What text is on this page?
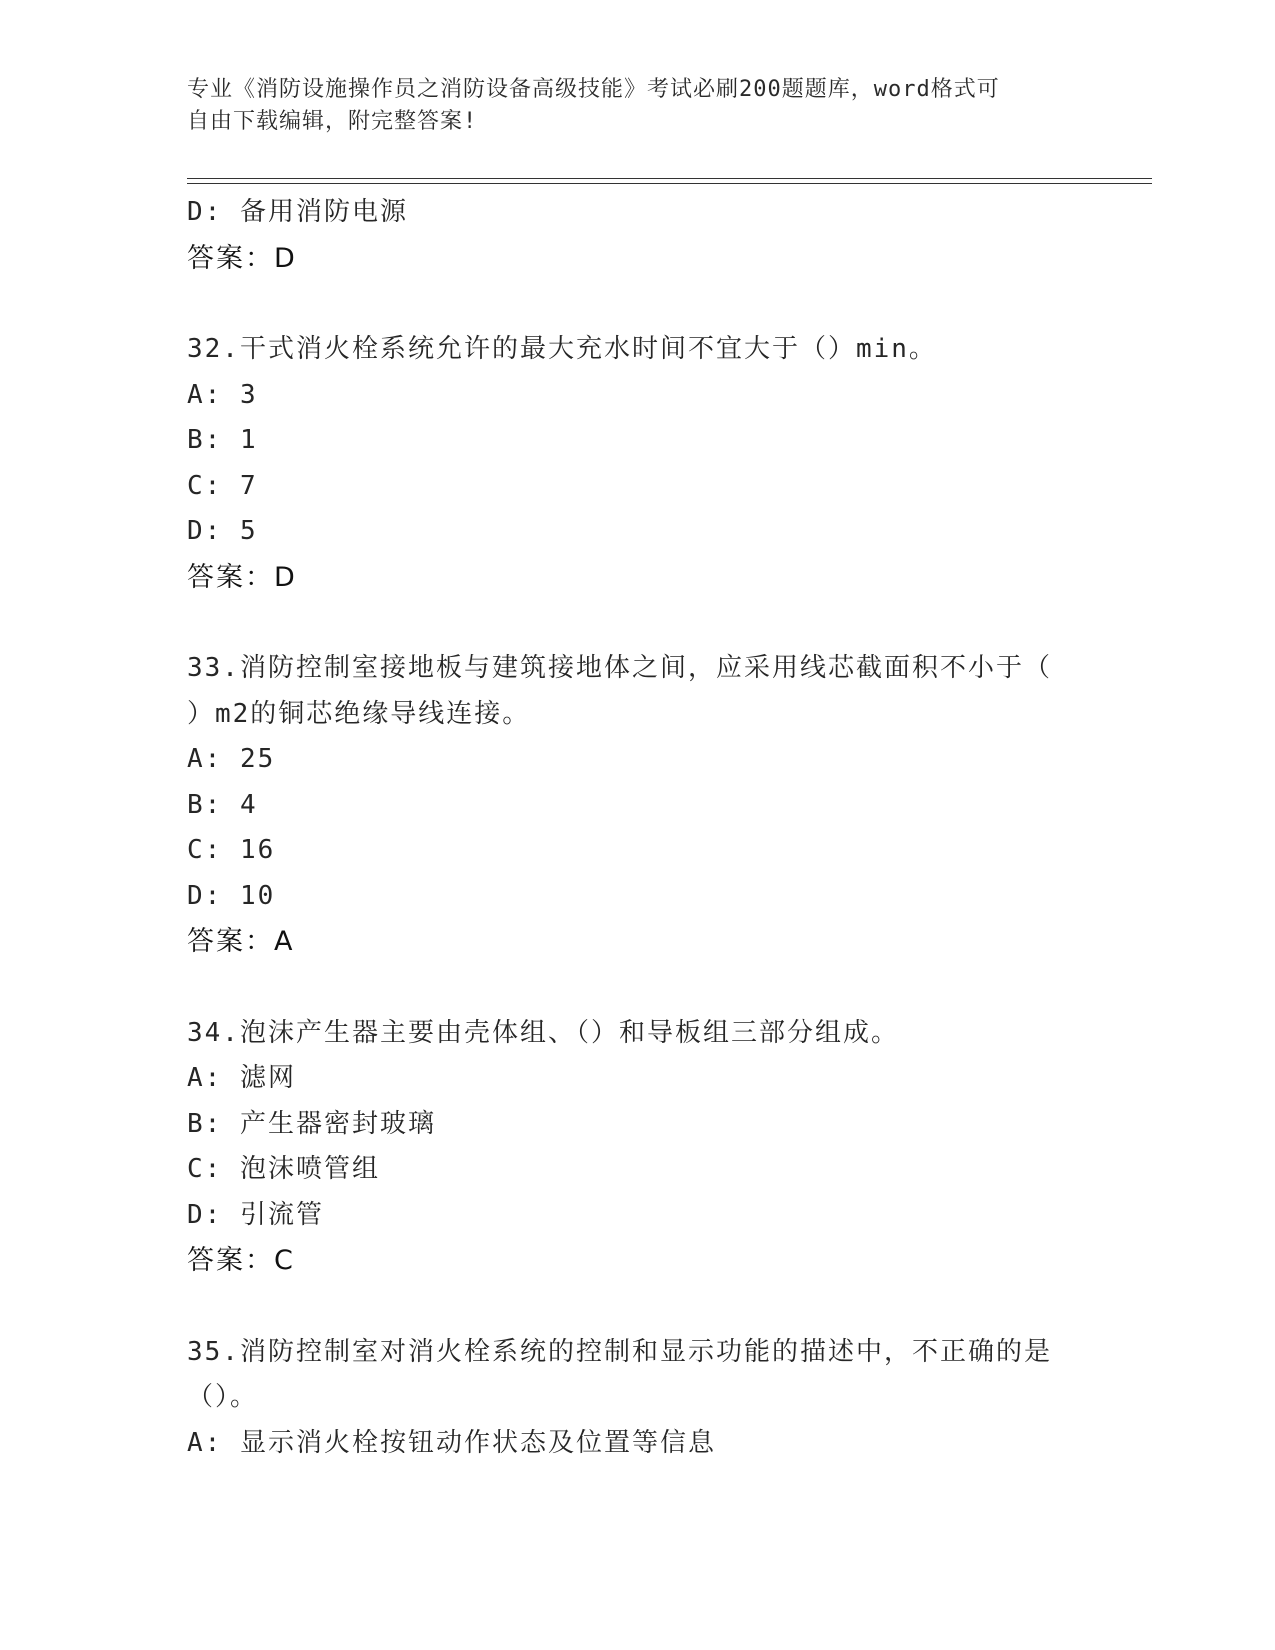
专业《消防设施操作员之消防设备高级技能》考试必刷200题题库，word格式可
自由下载编辑，附完整答案!
D: 备用消防电源
答案：D
32.干式消火栓系统允许的最大充水时间不宜大于（）min。
A: 3
B: 1
C: 7
D: 5
答案：D
33.消防控制室接地板与建筑接地体之间，应采用线芯截面积不小于（
）m2的铜芯绝缘导线连接。
A: 25
B: 4
C: 16
D: 10
答案：A
34.泡沫产生器主要由壳体组、（）和导板组三部分组成。
A: 滤网
B: 产生器密封玻璃
C: 泡沫喷管组
D: 引流管
答案：C
35.消防控制室对消火栓系统的控制和显示功能的描述中，不正确的是
（）。
A: 显示消火栓按钮动作状态及位置等信息
